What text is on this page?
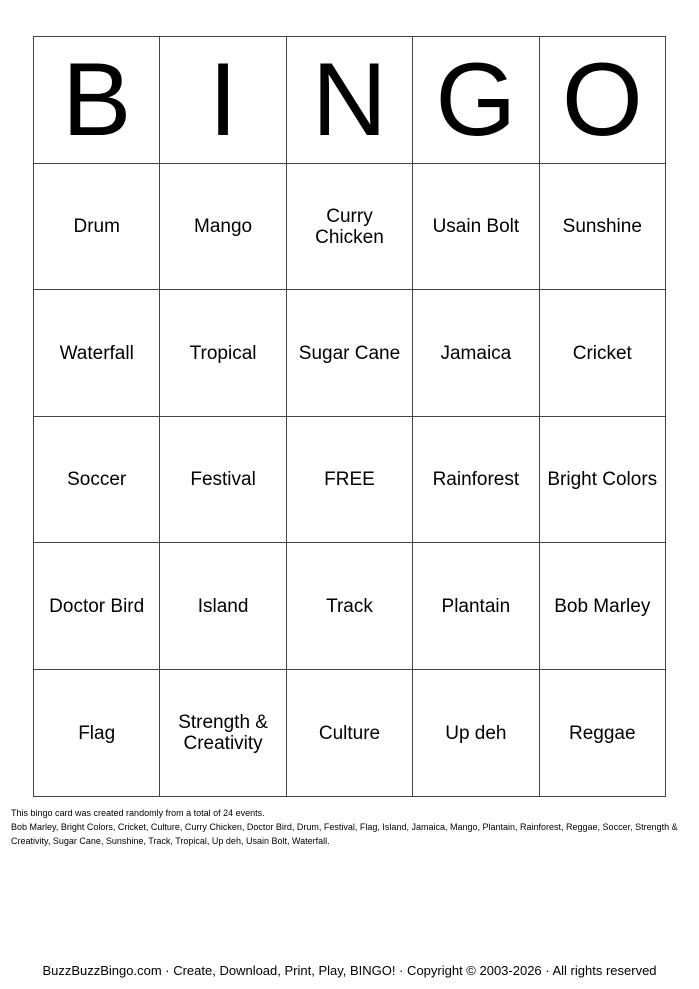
B	I	N	G	O
Drum	Mango	Curry Chicken	Usain Bolt	Sunshine
Waterfall	Tropical	Sugar Cane	Jamaica	Cricket
Soccer	Festival	FREE	Rainforest	Bright Colors
Doctor Bird	Island	Track	Plantain	Bob Marley
Flag	Strength & Creativity	Culture	Up deh	Reggae

This bingo card was created randomly from a total of 24 events.

Bob Marley, Bright Colors, Cricket, Culture, Curry Chicken, Doctor Bird, Drum, Festival, Flag, Island, Jamaica, Mango, Plantain, Rainforest, Reggae, Soccer, Strength & Creativity, Sugar Cane, Sunshine, Track, Tropical, Up deh, Usain Bolt, Waterfall.

BuzzBuzzBingo.com · Create, Download, Print, Play, BINGO! · Copyright © 2003-2026 · All rights reserved
